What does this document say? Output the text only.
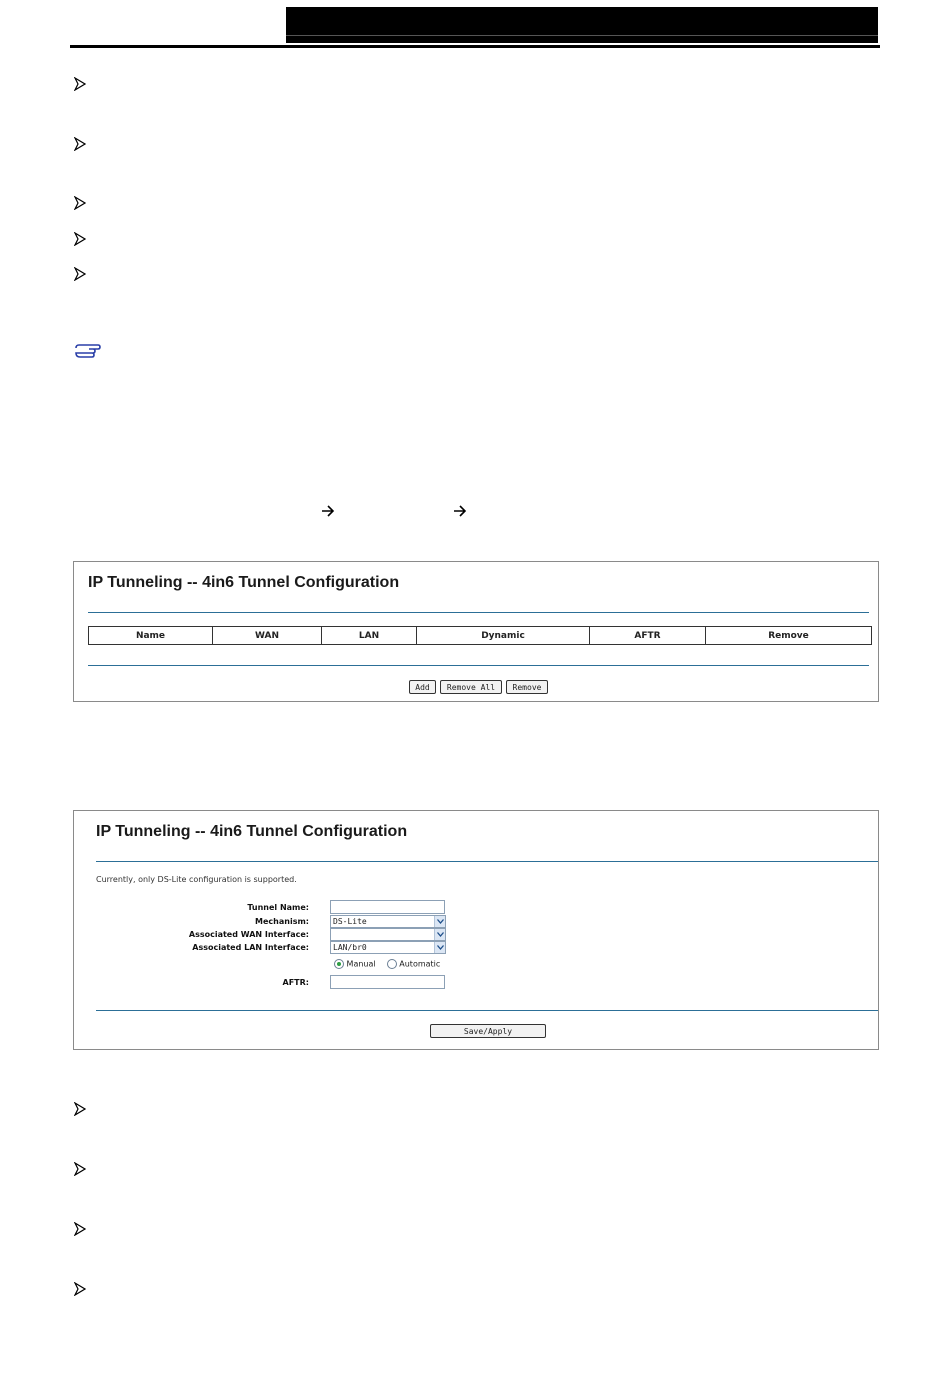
IP Tunneling -- 4in6 Tunnel Configuration
Name	WAN	LAN	Dynamic	AFTR	Remove
Add	Remove All	Remove
IP Tunneling -- 4in6 Tunnel Configuration
Currently, only DS-Lite configuration is supported.
Tunnel Name:
Mechanism:	DS-Lite
Associated WAN Interface:
Associated LAN Interface:	LAN/br0
Manual	Automatic
AFTR:
Save/Apply
